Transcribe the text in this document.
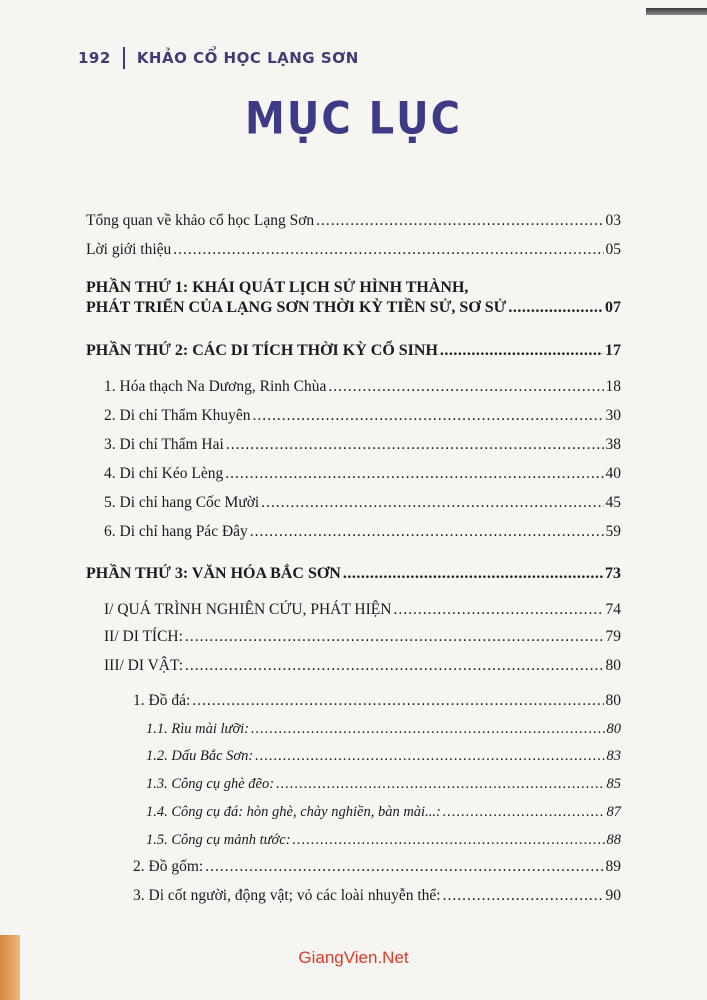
192 KHẢO CỔ HỌC LẠNG SƠN
MỤC LỤC
Tổng quan về khảo cổ học Lạng Sơn .....	03
Lời giới thiệu .....	05
PHẦN THỨ 1: KHÁI QUÁT LỊCH SỬ HÌNH THÀNH,
PHÁT TRIỂN CỦA LẠNG SƠN THỜI KỲ TIỀN SỬ, SƠ SỬ .....	07
PHẦN THỨ 2: CÁC DI TÍCH THỜI KỲ CỔ SINH .....	17
1. Hóa thạch Na Dương, Rinh Chùa .....	18
2. Di chỉ Thẩm Khuyên .....	30
3. Di chỉ Thẩm Hai .....	38
4. Di chỉ Kéo Lèng .....	40
5. Di chỉ hang Cốc Mười .....	45
6. Di chỉ hang Pác Đây .....	59
PHẦN THỨ 3: VĂN HÓA BẮC SƠN .....	73
I/ QUÁ TRÌNH NGHIÊN CỨU, PHÁT HIỆN .....	74
II/ DI TÍCH: .....	79
III/ DI VẬT: .....	80
1. Đồ đá: .....	80
1.1. Rìu mài lưỡi: .....	80
1.2. Dấu Bắc Sơn: .....	83
1.3. Công cụ ghè đẽo: .....	85
1.4. Công cụ đá: hòn ghè, chày nghiền, bàn mài...: .....	87
1.5. Công cụ mảnh tước: .....	88
2. Đồ gốm: .....	89
3. Di cốt người, động vật; vỏ các loài nhuyễn thể: .....	90
GiangVien.Net
